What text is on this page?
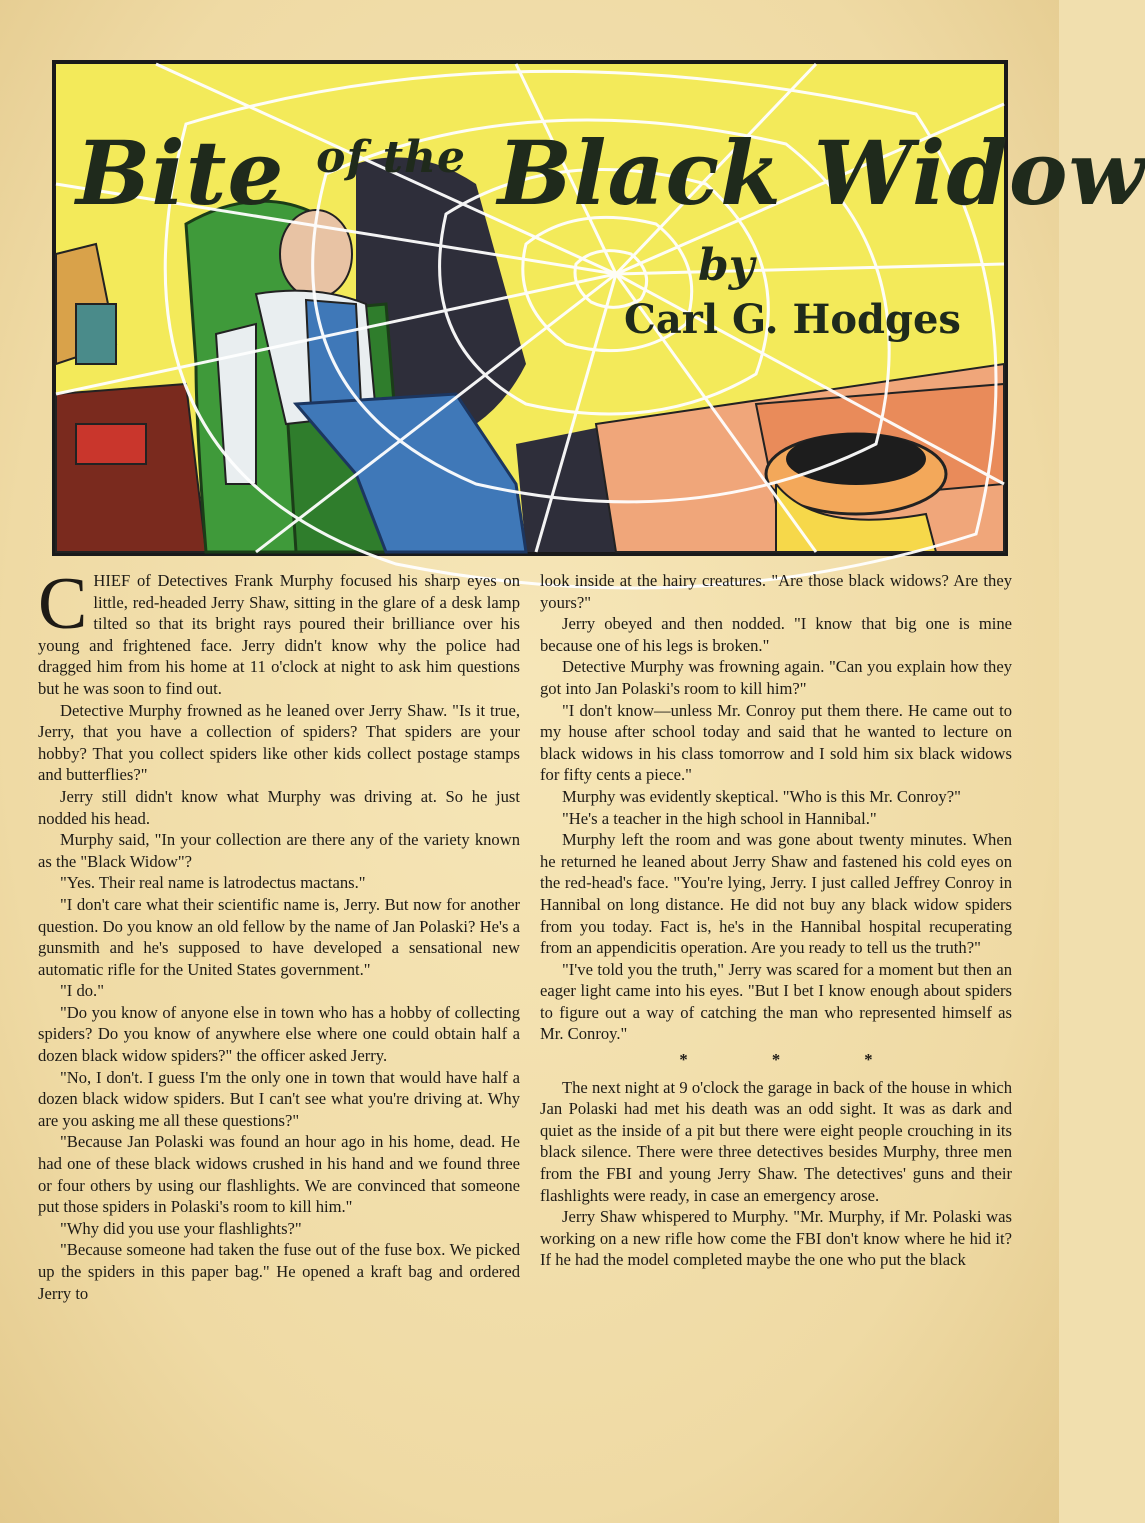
Bite $^{of the}$ Black Widow
by
Carl G. Hodges

CHIEF of Detectives Frank Murphy focused his sharp eyes on little, red-headed Jerry Shaw, sitting in the glare of a desk lamp tilted so that its bright rays poured their brilliance over his young and frightened face. Jerry didn't know why the police had dragged him from his home at 11 o'clock at night to ask him questions but he was soon to find out.

Detective Murphy frowned as he leaned over Jerry Shaw. "Is it true, Jerry, that you have a collection of spiders? That spiders are your hobby? That you collect spiders like other kids collect postage stamps and butterflies?"

Jerry still didn't know what Murphy was driving at. So he just nodded his head.

Murphy said, "In your collection are there any of the variety known as the "Black Widow"?

"Yes. Their real name is latrodectus mactans."

"I don't care what their scientific name is, Jerry. But now for another question. Do you know an old fellow by the name of Jan Polaski? He's a gunsmith and he's supposed to have developed a sensational new automatic rifle for the United States government."

"I do."

"Do you know of anyone else in town who has a hobby of collecting spiders? Do you know of anywhere else where one could obtain half a dozen black widow spiders?" the officer asked Jerry.

"No, I don't. I guess I'm the only one in town that would have half a dozen black widow spiders. But I can't see what you're driving at. Why are you asking me all these questions?"

"Because Jan Polaski was found an hour ago in his home, dead. He had one of these black widows crushed in his hand and we found three or four others by using our flashlights. We are convinced that someone put those spiders in Polaski's room to kill him."

"Why did you use your flashlights?"

"Because someone had taken the fuse out of the fuse box. We picked up the spiders in this paper bag." He opened a kraft bag and ordered Jerry to

look inside at the hairy creatures. "Are those black widows? Are they yours?"

Jerry obeyed and then nodded. "I know that big one is mine because one of his legs is broken."

Detective Murphy was frowning again. "Can you explain how they got into Jan Polaski's room to kill him?"

"I don't know—unless Mr. Conroy put them there. He came out to my house after school today and said that he wanted to lecture on black widows in his class tomorrow and I sold him six black widows for fifty cents a piece."

Murphy was evidently skeptical. "Who is this Mr. Conroy?"

"He's a teacher in the high school in Hannibal."

Murphy left the room and was gone about twenty minutes. When he returned he leaned about Jerry Shaw and fastened his cold eyes on the red-head's face. "You're lying, Jerry. I just called Jeffrey Conroy in Hannibal on long distance. He did not buy any black widow spiders from you today. Fact is, he's in the Hannibal hospital recuperating from an appendicitis operation. Are you ready to tell us the truth?"

"I've told you the truth," Jerry was scared for a moment but then an eager light came into his eyes. "But I bet I know enough about spiders to figure out a way of catching the man who represented himself as Mr. Conroy."

* * *

The next night at 9 o'clock the garage in back of the house in which Jan Polaski had met his death was an odd sight. It was as dark and quiet as the inside of a pit but there were eight people crouching in its black silence. There were three detectives besides Murphy, three men from the FBI and young Jerry Shaw. The detectives' guns and their flashlights were ready, in case an emergency arose.

Jerry Shaw whispered to Murphy. "Mr. Murphy, if Mr. Polaski was working on a new rifle how come the FBI don't know where he hid it? If he had the model completed maybe the one who put the black
